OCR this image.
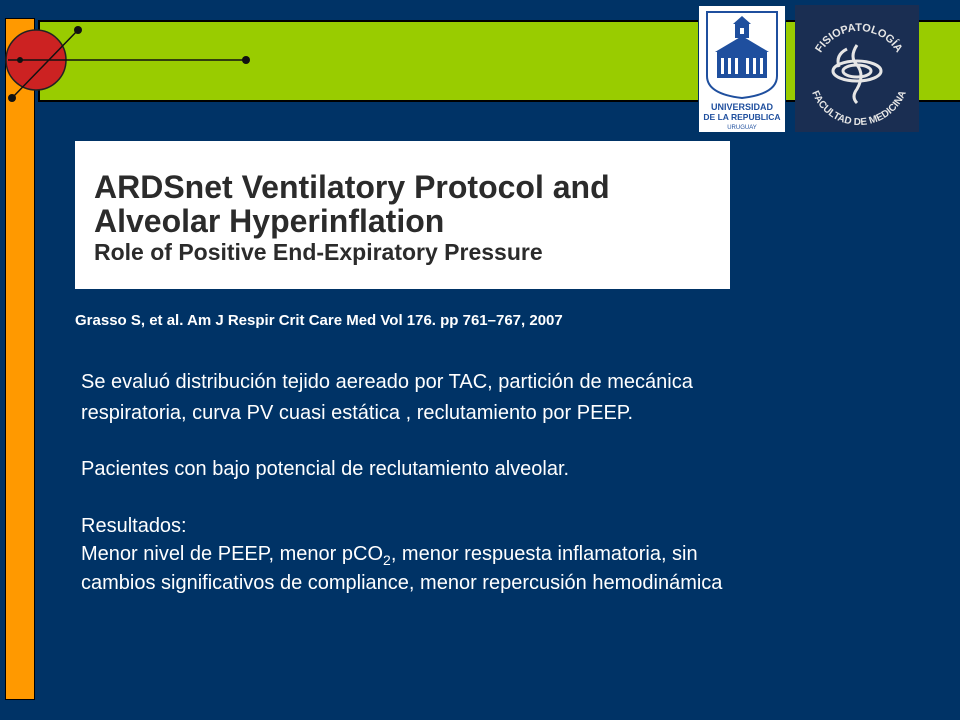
UNIVERSIDAD
DE LA REPUBLICA
URUGUAY
FISIOPATOLOGÍA
FACULTAD DE MEDICINA
ARDSnet Ventilatory Protocol and
Alveolar Hyperinflation
Role of Positive End-Expiratory Pressure
Grasso S, et al. Am J Respir Crit Care Med Vol 176. pp 761–767, 2007
Se evaluó distribución tejido aereado por TAC, partición de mecánica
respiratoria, curva PV cuasi estática , reclutamiento por PEEP.
Pacientes con bajo potencial de reclutamiento alveolar.
Resultados:
Menor nivel de PEEP, menor pCO$_2$, menor respuesta inflamatoria, sin
cambios significativos de compliance, menor repercusión hemodinámica
